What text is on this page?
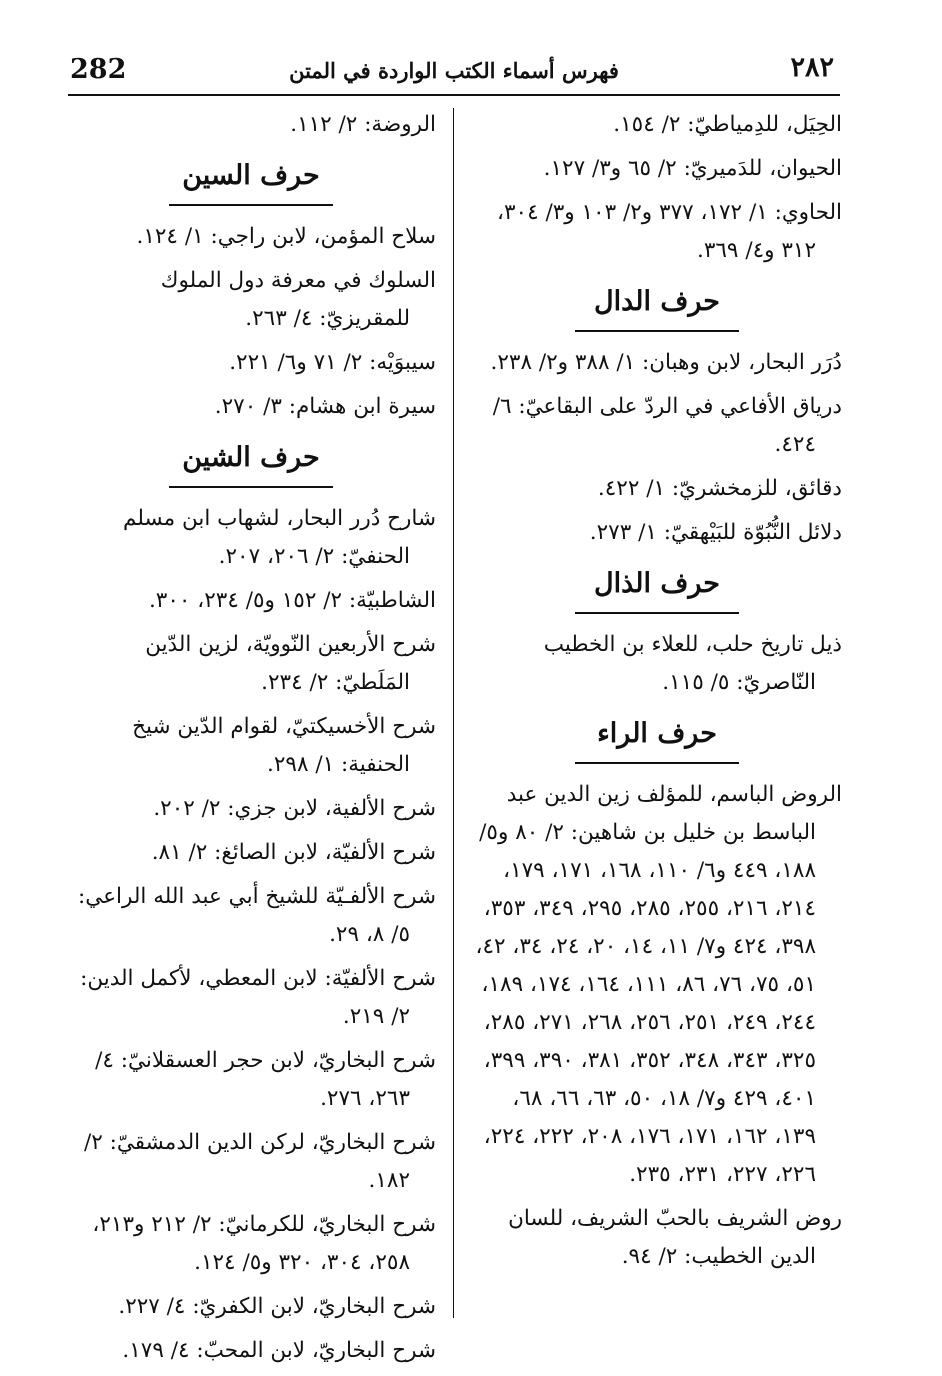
282	فهرس أسماء الكتب الواردة في المتن	٢٨٢
الحِيَل، للدِمياطيّ: ٢/ ١٥٤.
الحيوان، للدَميريّ: ٢/ ٦٥ و٣/ ١٢٧.
الحاوي: ١/ ١٧٢، ٣٧٧ و٢/ ١٠٣ و٣/ ٣٠٤، ٣١٢ و٤/ ٣٦٩.
حرف الدال
دُرَر البحار، لابن وهبان: ١/ ٣٨٨ و٢/ ٢٣٨.
درياق الأفاعي في الردّ على البقاعيّ: ٦/ ٤٢٤.
دقائق، للزمخشريّ: ١/ ٤٢٢.
دلائل النُّبُوّة للبَيْهقيّ: ١/ ٢٧٣.
حرف الذال
ذيل تاريخ حلب، للعلاء بن الخطيب النّاصريّ: ٥/ ١١٥.
حرف الراء
الروض الباسم، للمؤلف زين الدين عبد الباسط بن خليل بن شاهين: ٢/ ٨٠ و٥/ ١٨٨، ٤٤٩ و٦/ ١١٠، ١٦٨، ١٧١، ١٧٩، ٢١٤، ٢١٦، ٢٥٥، ٢٨٥، ٢٩٥، ٣٤٩، ٣٥٣، ٣٩٨، ٤٢٤ و٧/ ١١، ١٤، ٢٠، ٢٤، ٣٤، ٤٢، ٥١، ٧٥، ٧٦، ٨٦، ١١١، ١٦٤، ١٧٤، ١٨٩، ٢٤٤، ٢٤٩، ٢٥١، ٢٥٦، ٢٦٨، ٢٧١، ٢٨٥، ٣٢٥، ٣٤٣، ٣٤٨، ٣٥٢، ٣٨١، ٣٩٠، ٣٩٩، ٤٠١، ٤٢٩ و٧/ ١٨، ٥٠، ٦٣، ٦٦، ٦٨، ١٣٩، ١٦٢، ١٧١، ١٧٦، ٢٠٨، ٢٢٢، ٢٢٤، ٢٢٦، ٢٢٧، ٢٣١، ٢٣٥.
روض الشريف بالحبّ الشريف، للسان الدين الخطيب: ٢/ ٩٤.
الروضة: ٢/ ١١٢.
حرف السين
سلاح المؤمن، لابن راجي: ١/ ١٢٤.
السلوك في معرفة دول الملوك للمقريزيّ: ٤/ ٢٦٣.
سيبوَيْه: ٢/ ٧١ و٦/ ٢٢١.
سيرة ابن هشام: ٣/ ٢٧٠.
حرف الشين
شارح دُرر البحار، لشهاب ابن مسلم الحنفيّ: ٢/ ٢٠٦، ٢٠٧.
الشاطبيّة: ٢/ ١٥٢ و٥/ ٢٣٤، ٣٠٠.
شرح الأربعين النّوويّة، لزين الدّين المَلَطيّ: ٢/ ٢٣٤.
شرح الأخسيكتيّ، لقوام الدّين شيخ الحنفية: ١/ ٢٩٨.
شرح الألفية، لابن جزي: ٢/ ٢٠٢.
شرح الألفيّة، لابن الصائغ: ٢/ ٨١.
شرح الألفـيّة للشيخ أبي عبد الله الراعي: ٥/ ٨، ٢٩.
شرح الألفيّة: لابن المعطي، لأكمل الدين: ٢/ ٢١٩.
شرح البخاريّ، لابن حجر العسقلانيّ: ٤/ ٢٦٣، ٢٧٦.
شرح البخاريّ، لركن الدين الدمشقيّ: ٢/ ١٨٢.
شرح البخاريّ، للكرمانيّ: ٢/ ٢١٢ و٢١٣، ٢٥٨، ٣٠٤، ٣٢٠ و٥/ ١٢٤.
شرح البخاريّ، لابن الكفريّ: ٤/ ٢٢٧.
شرح البخاريّ، لابن المحبّ: ٤/ ١٧٩.
